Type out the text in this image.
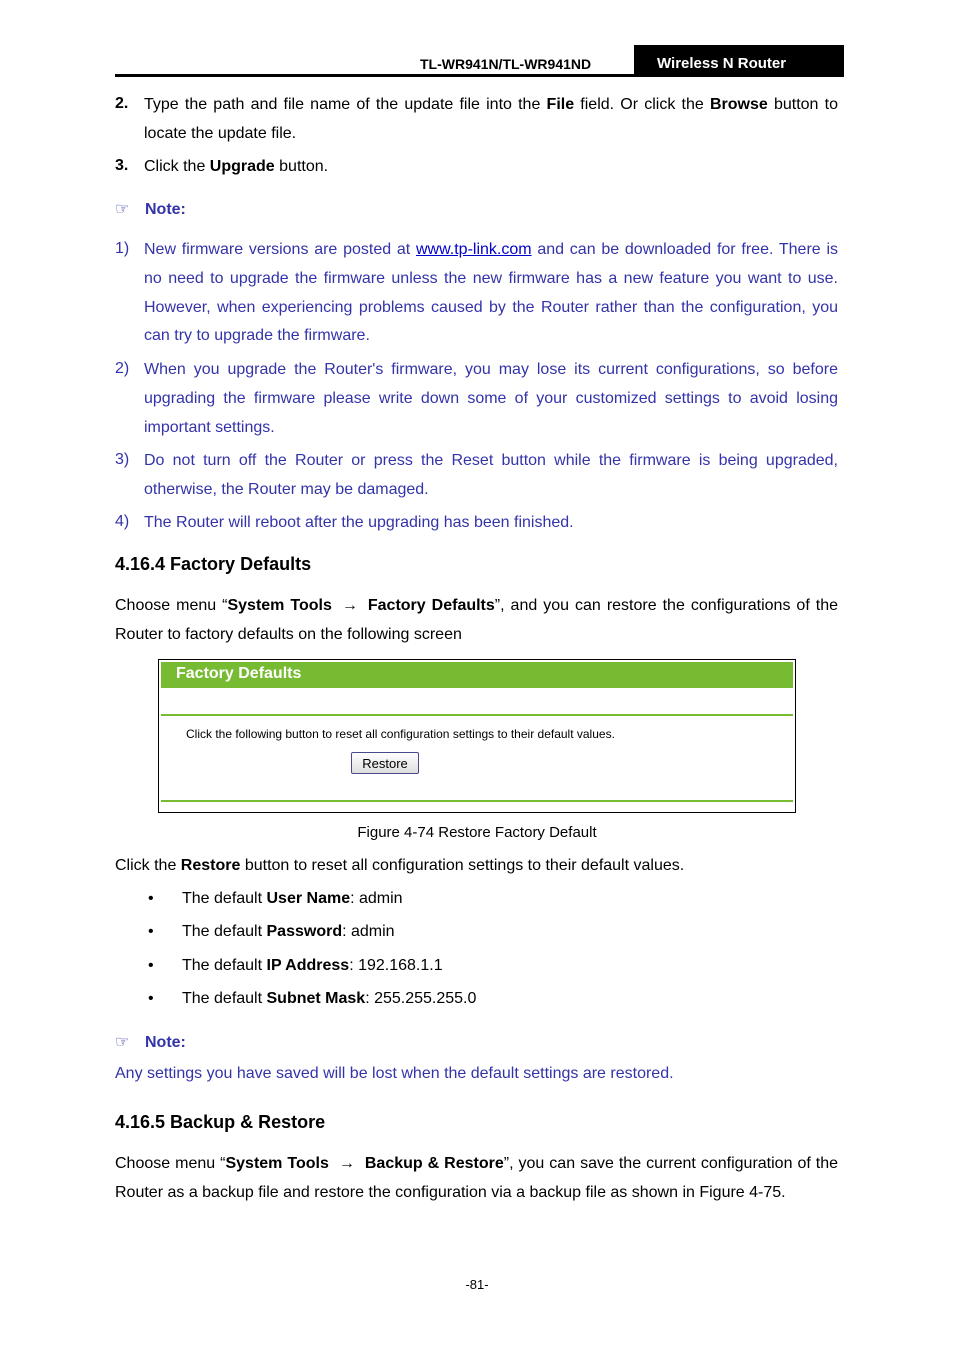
TL-WR941N/TL-WR941ND	Wireless N Router
2. Type the path and file name of the update file into the File field. Or click the Browse button to locate the update file.
3. Click the Upgrade button.
☞ Note:
1) New firmware versions are posted at www.tp-link.com and can be downloaded for free. There is no need to upgrade the firmware unless the new firmware has a new feature you want to use. However, when experiencing problems caused by the Router rather than the configuration, you can try to upgrade the firmware.
2) When you upgrade the Router's firmware, you may lose its current configurations, so before upgrading the firmware please write down some of your customized settings to avoid losing important settings.
3) Do not turn off the Router or press the Reset button while the firmware is being upgraded, otherwise, the Router may be damaged.
4) The Router will reboot after the upgrading has been finished.
4.16.4 Factory Defaults
Choose menu “System Tools → Factory Defaults”, and you can restore the configurations of the Router to factory defaults on the following screen
Factory Defaults
Click the following button to reset all configuration settings to their default values.
Restore
Figure 4-74 Restore Factory Default
Click the Restore button to reset all configuration settings to their default values.
• The default User Name: admin
• The default Password: admin
• The default IP Address: 192.168.1.1
• The default Subnet Mask: 255.255.255.0
☞ Note:
Any settings you have saved will be lost when the default settings are restored.
4.16.5 Backup & Restore
Choose menu “System Tools → Backup & Restore”, you can save the current configuration of the Router as a backup file and restore the configuration via a backup file as shown in Figure 4-75.
-81-
